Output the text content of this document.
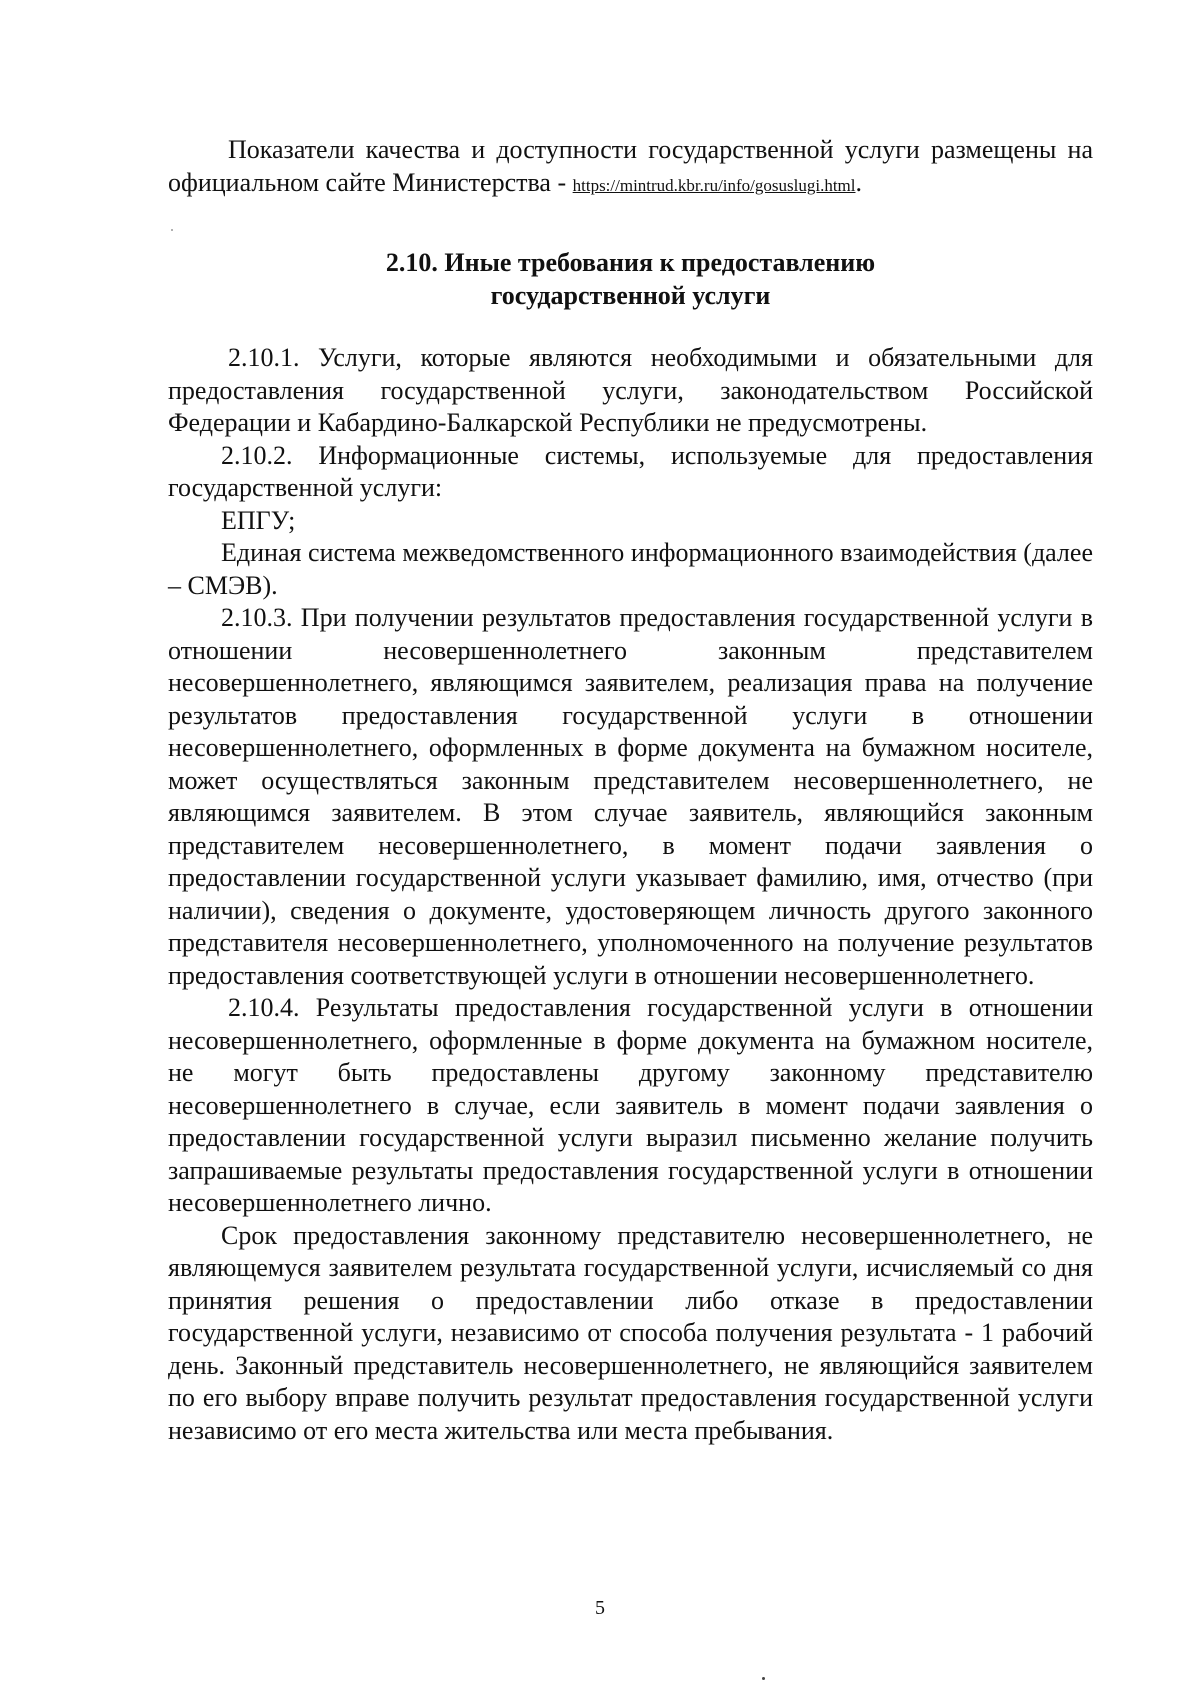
Показатели качества и доступности государственной услуги размещены на официальном сайте Министерства - https://mintrud.kbr.ru/info/gosuslugi.html.

2.10. Иные требования к предоставлению
государственной услуги

2.10.1. Услуги, которые являются необходимыми и обязательными для предоставления государственной услуги, законодательством Российской Федерации и Кабардино-Балкарской Республики не предусмотрены.

2.10.2. Информационные системы, используемые для предоставления государственной услуги:

ЕПГУ;

Единая система межведомственного информационного взаимодействия (далее – СМЭВ).

2.10.3. При получении результатов предоставления государственной услуги в отношении несовершеннолетнего законным представителем несовершеннолетнего, являющимся заявителем, реализация права на получение результатов предоставления государственной услуги в отношении несовершеннолетнего, оформленных в форме документа на бумажном носителе, может осуществляться законным представителем несовершеннолетнего, не являющимся заявителем. В этом случае заявитель, являющийся законным представителем несовершеннолетнего, в момент подачи заявления о предоставлении государственной услуги указывает фамилию, имя, отчество (при наличии), сведения о документе, удостоверяющем личность другого законного представителя несовершеннолетнего, уполномоченного на получение результатов предоставления соответствующей услуги в отношении несовершеннолетнего.

2.10.4. Результаты предоставления государственной услуги в отношении несовершеннолетнего, оформленные в форме документа на бумажном носителе, не могут быть предоставлены другому законному представителю несовершеннолетнего в случае, если заявитель в момент подачи заявления о предоставлении государственной услуги выразил письменно желание получить запрашиваемые результаты предоставления государственной услуги в отношении несовершеннолетнего лично.

Срок предоставления законному представителю несовершеннолетнего, не являющемуся заявителем результата государственной услуги, исчисляемый со дня принятия решения о предоставлении либо отказе в предоставлении государственной услуги, независимо от способа получения результата - 1 рабочий день. Законный представитель несовершеннолетнего, не являющийся заявителем по его выбору вправе получить результат предоставления государственной услуги независимо от его места жительства или места пребывания.

5
